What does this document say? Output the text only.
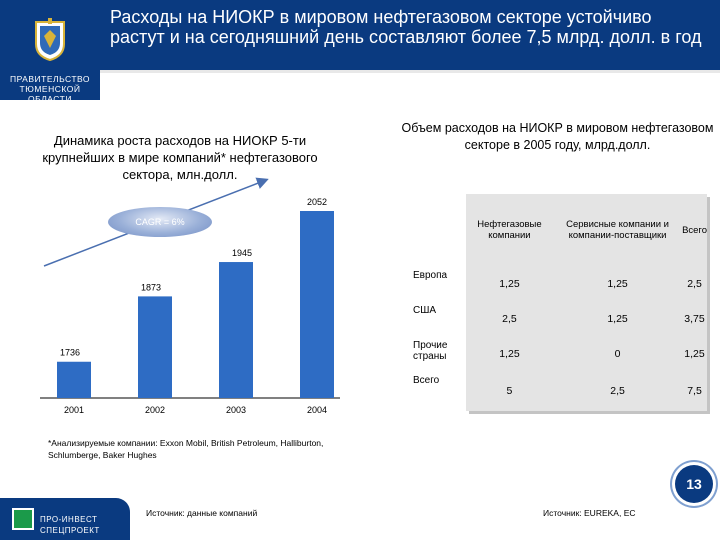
ПРАВИТЕЛЬСТВО
ТЮМЕНСКОЙ
ОБЛАСТИ
Расходы на НИОКР в мировом нефтегазовом секторе устойчиво растут и на сегодняшний день составляют более 7,5 млрд. долл. в год
Динамика роста расходов на НИОКР 5-ти крупнейших в мире компаний* нефтегазового сектора, млн.долл.
Объем расходов на НИОКР в мировом нефтегазовом секторе в 2005 году, млрд.долл.
1736
2001
1873
2002
1945
2003
2052
2004
CAGR = 6%
		Нефтегазовые компании	Сервисные компании и компании-поставщики	Всего
Европа	1,25	1,25	2,5
США	2,5	1,25	3,75
Прочие страны	1,25	0	1,25
Всего	5	2,5	7,5
*Анализируемые компании: Exxon Mobil, British Petroleum, Halliburton, Schlumberge, Baker Hughes
Источник: данные компаний	Источник: EUREKA, EC
ПРО-ИНВЕСТ
СПЕЦПРОЕКТ
13
